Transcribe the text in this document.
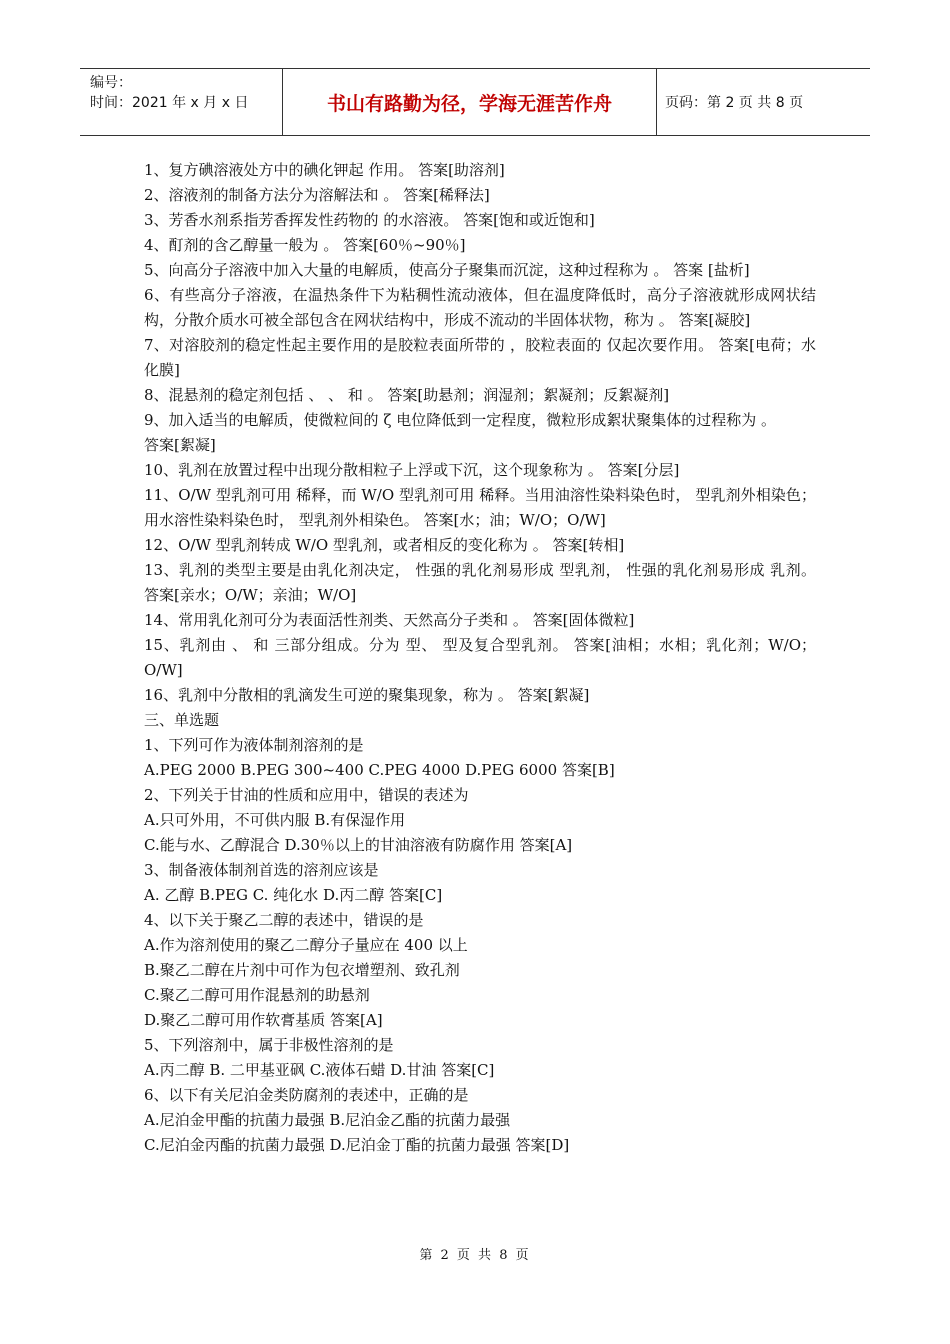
编号：
时间：2021 年 x 月 x 日	书山有路勤为径，学海无涯苦作舟	页码：第 2 页 共 8 页

1、复方碘溶液处方中的碘化钾起 作用。 答案[助溶剂]

2、溶液剂的制备方法分为溶解法和 。 答案[稀释法]

3、芳香水剂系指芳香挥发性药物的 的水溶液。 答案[饱和或近饱和]

4、酊剂的含乙醇量一般为 。 答案[60％~90％]

5、向高分子溶液中加入大量的电解质，使高分子聚集而沉淀，这种过程称为 。 答案 [盐析]

6、有些高分子溶液，在温热条件下为粘稠性流动液体，但在温度降低时，高分子溶液就形成网状结构，分散介质水可被全部包含在网状结构中，形成不流动的半固体状物，称为 。 答案[凝胶]

7、对溶胶剂的稳定性起主要作用的是胶粒表面所带的 ，胶粒表面的 仅起次要作用。 答案[电荷；水化膜]

8、混悬剂的稳定剂包括 、 、 和 。 答案[助悬剂；润湿剂；絮凝剂；反絮凝剂]

9、加入适当的电解质，使微粒间的 ζ 电位降低到一定程度，微粒形成絮状聚集体的过程称为 。

答案[絮凝]

10、乳剂在放置过程中出现分散相粒子上浮或下沉，这个现象称为 。 答案[分层]

11、O/W 型乳剂可用 稀释，而 W/O 型乳剂可用 稀释。当用油溶性染料染色时， 型乳剂外相染色；用水溶性染料染色时， 型乳剂外相染色。 答案[水；油；W/O；O/W]

12、O/W 型乳剂转成 W/O 型乳剂，或者相反的变化称为 。 答案[转相]

13、乳剂的类型主要是由乳化剂决定， 性强的乳化剂易形成 型乳剂， 性强的乳化剂易形成 乳剂。 答案[亲水；O/W；亲油；W/O]

14、常用乳化剂可分为表面活性剂类、天然高分子类和 。 答案[固体微粒]

15、乳剂由 、 和 三部分组成。分为 型、 型及复合型乳剂。 答案[油相；水相；乳化剂；W/O；O/W]

16、乳剂中分散相的乳滴发生可逆的聚集现象，称为 。 答案[絮凝]

三、单选题

1、下列可作为液体制剂溶剂的是

A.PEG 2000 B.PEG 300~400 C.PEG 4000 D.PEG 6000 答案[B]

2、下列关于甘油的性质和应用中，错误的表述为

A.只可外用，不可供内服 B.有保湿作用

C.能与水、乙醇混合 D.30％以上的甘油溶液有防腐作用 答案[A]

3、制备液体制剂首选的溶剂应该是

A. 乙醇 B.PEG C. 纯化水 D.丙二醇 答案[C]

4、以下关于聚乙二醇的表述中，错误的是

A.作为溶剂使用的聚乙二醇分子量应在 400 以上

B.聚乙二醇在片剂中可作为包衣增塑剂、致孔剂

C.聚乙二醇可用作混悬剂的助悬剂

D.聚乙二醇可用作软膏基质 答案[A]

5、下列溶剂中，属于非极性溶剂的是

A.丙二醇 B. 二甲基亚砜 C.液体石蜡 D.甘油 答案[C]

6、以下有关尼泊金类防腐剂的表述中，正确的是

A.尼泊金甲酯的抗菌力最强 B.尼泊金乙酯的抗菌力最强

C.尼泊金丙酯的抗菌力最强 D.尼泊金丁酯的抗菌力最强 答案[D]

第 2 页 共 8 页
